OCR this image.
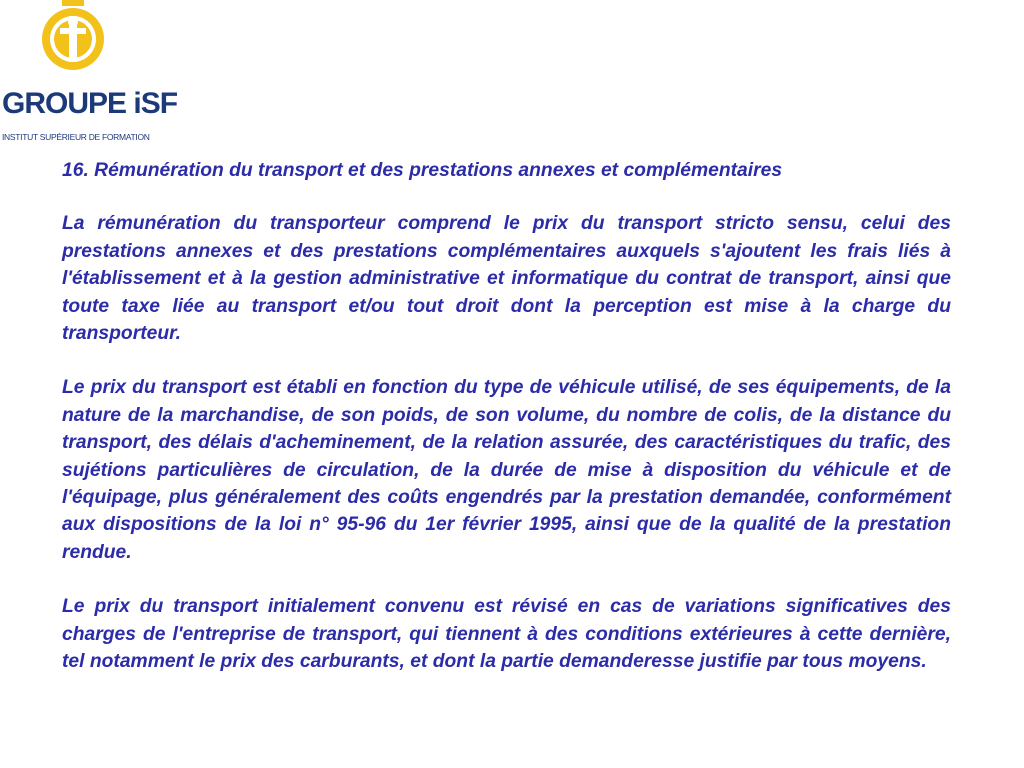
GROUPE iSF
INSTITUT SUPÉRIEUR DE FORMATION
16. Rémunération du transport et des prestations annexes et complémentaires

La rémunération du transporteur comprend le prix du transport stricto sensu, celui des prestations annexes et des prestations complémentaires auxquels s'ajoutent les frais liés à l'établissement et à la gestion administrative et informatique du contrat de transport, ainsi que toute taxe liée au transport et/ou tout droit dont la perception est mise à la charge du transporteur.

Le prix du transport est établi en fonction du type de véhicule utilisé, de ses équipements, de la nature de la marchandise, de son poids, de son volume, du nombre de colis, de la distance du transport, des délais d'acheminement, de la relation assurée, des caractéristiques du trafic, des sujétions particulières de circulation, de la durée de mise à disposition du véhicule et de l'équipage, plus généralement des coûts engendrés par la prestation demandée, conformément aux dispositions de la loi n° 95-96 du 1er février 1995, ainsi que de la qualité de la prestation rendue.

Le prix du transport initialement convenu est révisé en cas de variations significatives des charges de l'entreprise de transport, qui tiennent à des conditions extérieures à cette dernière, tel notamment le prix des carburants, et dont la partie demanderesse justifie par tous moyens.
